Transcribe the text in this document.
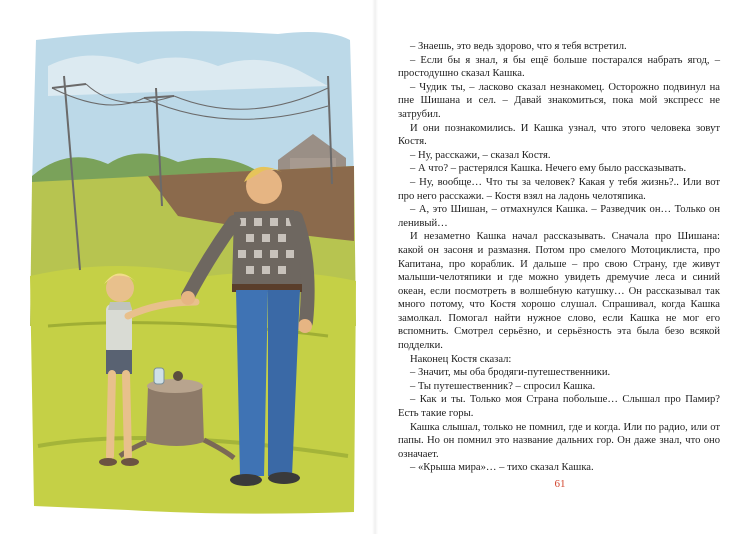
– Знаешь, это ведь здорово, что я тебя встретил.

– Если бы я знал, я бы ещё больше постарался набрать ягод, – простодушно сказал Кашка.

– Чудик ты, – ласково сказал незнакомец. Осторожно подвинул на пне Шишана и сел. – Давай знакомиться, пока мой экспресс не затрубил.

И они познакомились. И Кашка узнал, что этого человека зовут Костя.

– Ну, расскажи, – сказал Костя.

– А что? – растерялся Кашка. Нечего ему было рассказывать.

– Ну, вообще… Что ты за человек? Какая у тебя жизнь?.. Или вот про него расскажи. – Костя взял на ладонь челотяпика.

– А, это Шишан, – отмахнулся Кашка. – Разведчик он… Только он ленивый…

И незаметно Кашка начал рассказывать. Сначала про Шишана: какой он засоня и размазня. Потом про смелого Мотоциклиста, про Капитана, про кораблик. И дальше – про свою Страну, где живут малыши-челотяпики и где можно увидеть дремучие леса и синий океан, если посмотреть в волшебную катушку… Он рассказывал так много потому, что Костя хорошо слушал. Спрашивал, когда Кашка замолкал. Помогал найти нужное слово, если Кашка не мог его вспомнить. Смотрел серьёзно, и серьёзность эта была безо всякой подделки.

Наконец Костя сказал:

– Значит, мы оба бродяги-путешественники.

– Ты путешественник? – спросил Кашка.

– Как и ты. Только моя Страна побольше… Слышал про Памир? Есть такие горы.

Кашка слышал, только не помнил, где и когда. Или по радио, или от папы. Но он помнил это название дальних гор. Он даже знал, что оно означает.

– «Крыша мира»… – тихо сказал Кашка.

61
